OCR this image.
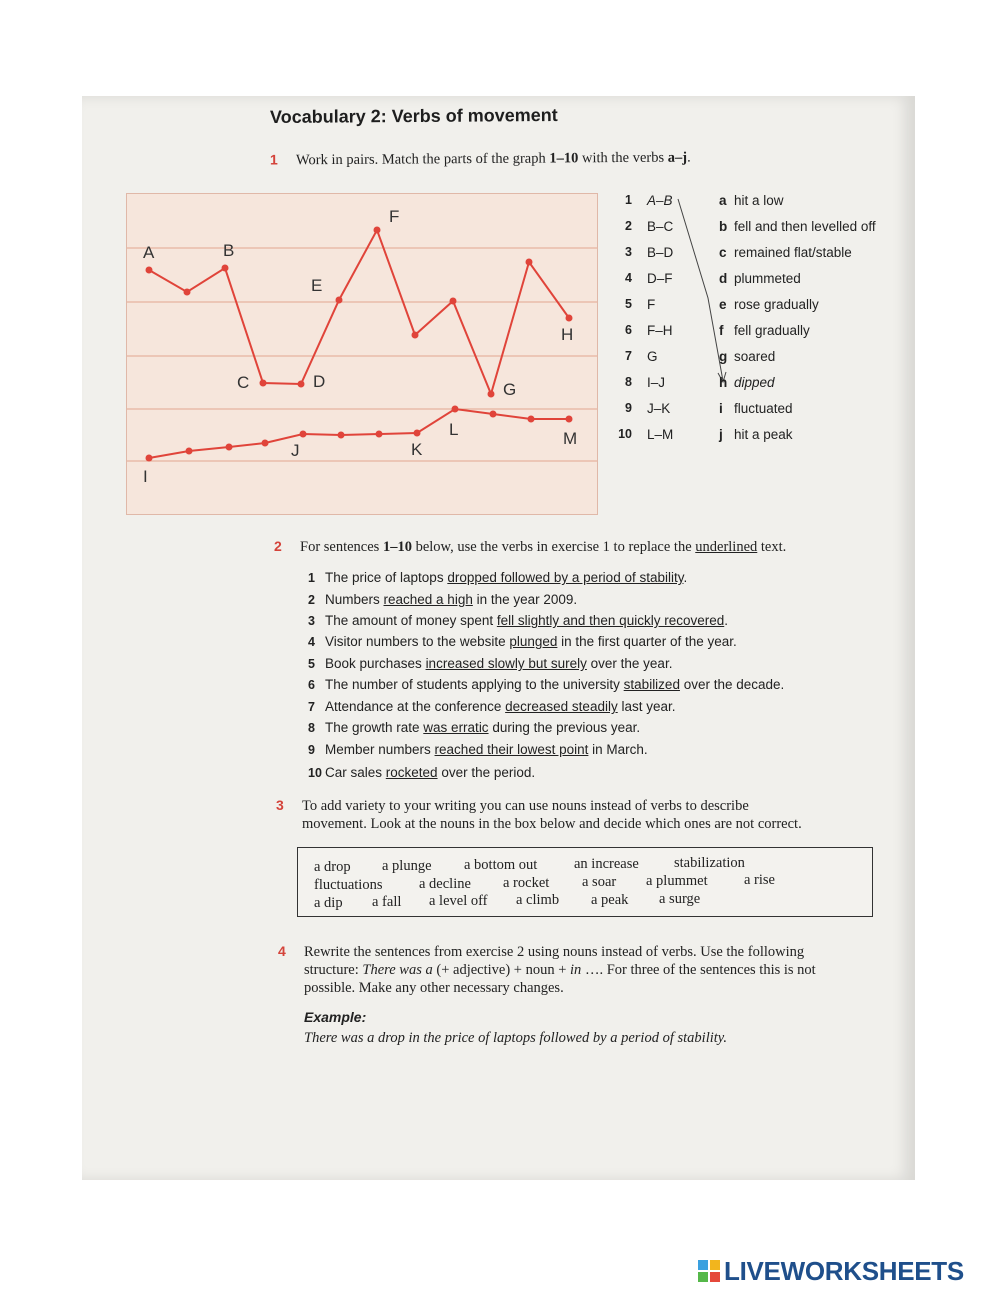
Vocabulary 2: Verbs of movement
1 Work in pairs. Match the parts of the graph 1–10 with the verbs a–j.
A	B
C	D
E
F
G
H
I
J	K
L	M
1 A–B	a hit a low
2 B–C	b fell and then levelled off
3 B–D	c remained flat/stable
4 D–F	d plummeted
5 F	e rose gradually
6 F–H	f fell gradually
7 G	g soared
8 I–J	h dipped
9 J–K	i fluctuated
10 L–M	j hit a peak
2 For sentences 1–10 below, use the verbs in exercise 1 to replace the underlined text.
1 The price of laptops dropped followed by a period of stability.
2 Numbers reached a high in the year 2009.
3 The amount of money spent fell slightly and then quickly recovered.
4 Visitor numbers to the website plunged in the first quarter of the year.
5 Book purchases increased slowly but surely over the year.
6 The number of students applying to the university stabilized over the decade.
7 Attendance at the conference decreased steadily last year.
8 The growth rate was erratic during the previous year.
9 Member numbers reached their lowest point in March.
10 Car sales rocketed over the period.
3 To add variety to your writing you can use nouns instead of verbs to describe
movement. Look at the nouns in the box below and decide which ones are not correct.
a drop a plunge a bottom out	an increase stabilization
fluctuations	a decline a rocket a soar a plummet	a rise
a dip a fall a level off a climb a peak a surge
4 Rewrite the sentences from exercise 2 using nouns instead of verbs. Use the following
structure: There was a (+ adjective) + noun + in …. For three of the sentences this is not
possible. Make any other necessary changes.
Example:
There was a drop in the price of laptops followed by a period of stability.
LIVEWORKSHEETS
